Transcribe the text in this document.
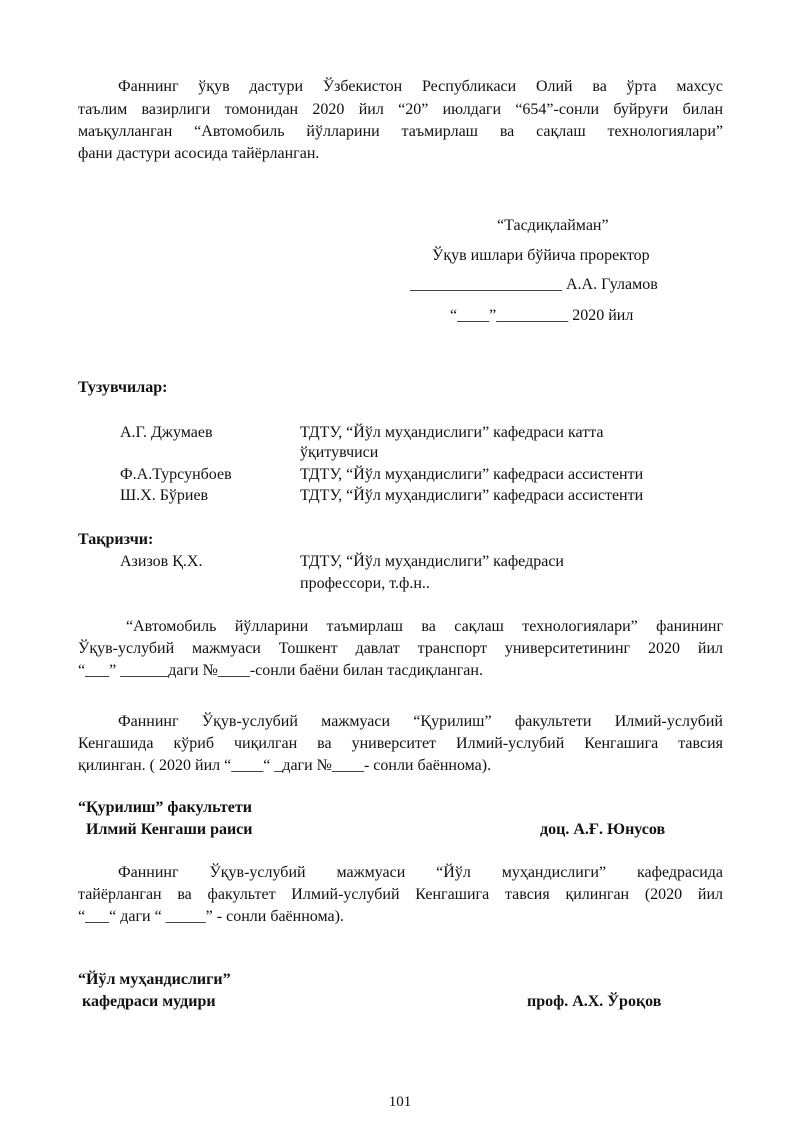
Фаннинг ўқув дастури Ўзбекистон Республикаси Олий ва ўрта махсус
таълим вазирлиги томонидан 2020 йил “20” июлдаги “654”-сонли буйруғи билан
маъқулланган “Автомобиль йўлларини таъмирлаш ва сақлаш технологиялари”
фани дастури асосида тайёрланган.
“Тасдиқлайман”
Ўқув ишлари бўйича проректор
___________________ А.А. Гуламов
“____”_________ 2020 йил
Тузувчилар:
А.Г. Джумаев	ТДТУ, “Йўл муҳандислиги” кафедраси катта
ўқитувчиси
Ф.А.Турсунбоев	ТДТУ, “Йўл муҳандислиги” кафедраси ассистенти
Ш.Х. Бўриев	ТДТУ, “Йўл муҳандислиги” кафедраси ассистенти
Тақризчи:
Азизов Қ.Х.	ТДТУ, “Йўл муҳандислиги” кафедраси
профессори, т.ф.н..
“Автомобиль йўлларини таъмирлаш ва сақлаш технологиялари” фанининг
Ўқув-услубий мажмуаси Тошкент давлат транспорт университетининг 2020 йил
“___” ______даги №____-сонли баёни билан тасдиқланган.
Фаннинг Ўқув-услубий мажмуаси “Қурилиш” факультети Илмий-услубий
Кенгашида кўриб чиқилган ва университет Илмий-услубий Кенгашига тавсия
қилинган. ( 2020 йил “____“ _даги №____- сонли баённома).
“Қурилиш” факультети
Илмий Кенгаши раиси	доц. А.Ғ. Юнусов
Фаннинг Ўқув-услубий мажмуаси “Йўл муҳандислиги” кафедрасида
тайёрланган ва факультет Илмий-услубий Кенгашига тавсия қилинган (2020 йил
“___“ даги “ _____” - сонли баённома).
“Йўл муҳандислиги”
кафедраси мудири	проф. А.Х. Ўроқов
101
